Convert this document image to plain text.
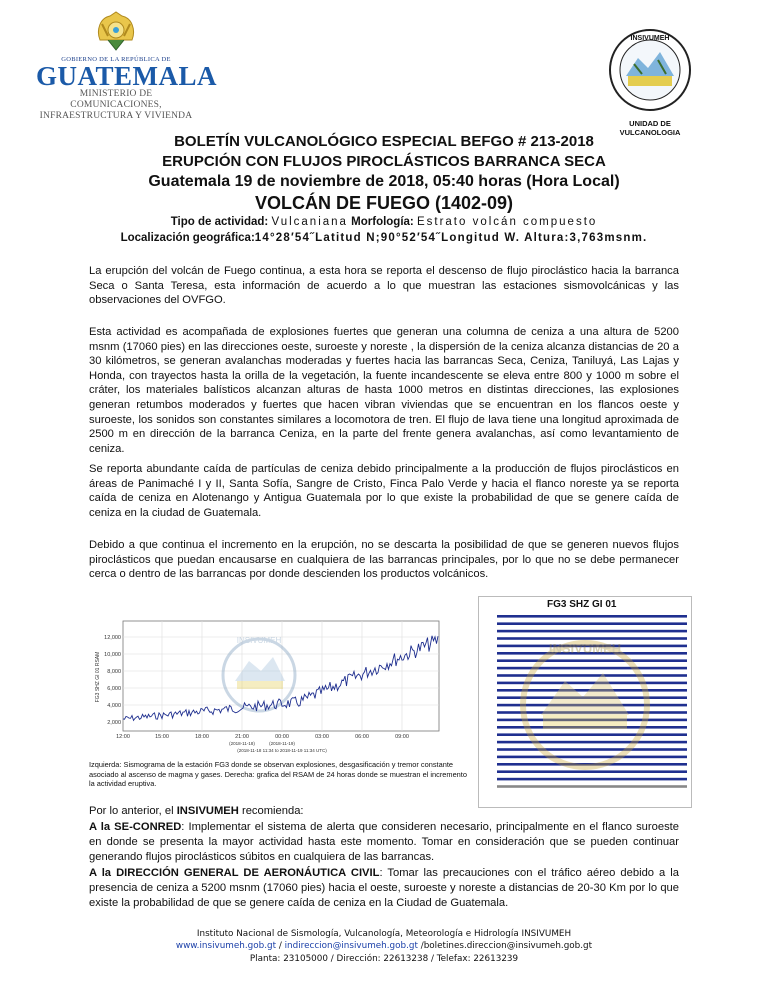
GOBIERNO DE LA REPÚBLICA DE
GUATEMALA
MINISTERIO DE COMUNICACIONES,
INFRAESTRUCTURA Y VIVIENDA
INSIVUMEH
UNIDAD DE VULCANOLOGIA
BOLETÍN VULCANOLÓGICO ESPECIAL BEFGO # 213-2018
ERUPCIÓN CON FLUJOS PIROCLÁSTICOS BARRANCA SECA
Guatemala 19 de noviembre de 2018, 05:40 horas (Hora Local)
VOLCÁN DE FUEGO (1402-09)
Tipo de actividad: Vulcaniana Morfología: Estrato volcán compuesto
Localización geográfica:14°28′54˝Latitud N;90°52′54˝Longitud W. Altura:3,763msnm.
La erupción del volcán de Fuego continua, a esta hora se reporta el descenso de flujo piroclástico hacia la barranca Seca o Santa Teresa, esta información de acuerdo a lo que muestran las estaciones sismovolcánicas y las observaciones del OVFGO.
Esta actividad es acompañada de explosiones fuertes que generan una columna de ceniza a una altura de 5200 msnm (17060 pies) en las direcciones oeste, suroeste y noreste , la dispersión de la ceniza alcanza distancias de 20 a 30 kilómetros, se generan avalanchas moderadas y fuertes hacia las barrancas Seca, Ceniza, Taniluyá, Las Lajas y Honda, con trayectos hasta la orilla de la vegetación, la fuente incandescente se eleva entre 800 y 1000 m sobre el cráter, los materiales balísticos alcanzan alturas de hasta 1000 metros en distintas direcciones, las explosiones generan retumbos moderados y fuertes que hacen vibran viviendas que se encuentran en los flancos oeste y suroeste, los sonidos son constantes similares a locomotora de tren. El flujo de lava tiene una longitud aproximada de 2500 m en dirección de la barranca Ceniza, en la parte del frente genera avalanchas, así como levantamiento de ceniza.
Se reporta abundante caída de partículas de ceniza debido principalmente a la producción de flujos piroclásticos en áreas de Panimaché I y II, Santa Sofía, Sangre de Cristo, Finca Palo Verde y hacia el flanco noreste ya se reporta caída de ceniza en Alotenango y Antigua Guatemala por lo que existe la probabilidad de que se genere caída de ceniza en la ciudad de Guatemala.
Debido a que continua el incremento en la erupción, no se descarta la posibilidad de que se generen nuevos flujos piroclásticos que puedan encausarse en cualquiera de las barrancas principales, por lo que no se debe permanecer cerca o dentro de las barrancas por donde descienden los productos volcánicos.
INSIVUMEH
12,000
10,000
8,000
6,000
4,000
2,000
12:00	15:00	18:00	21:00	00:00	03:00	06:00	09:00
FG3 SHZ GI 01 RSAM
(2018-11-18)	(2018-11-19)
(2018-11-18 11:34 to 2018-11-19 11:34 UTC)
FG3 SHZ GI 01
INSIVUMEH
Izquierda: Sismograma de la estación FG3 donde se observan explosiones, desgasificación y tremor constante asociado al ascenso de magma y gases. Derecha: grafica del RSAM de 24 horas donde se muestran el incremento la actividad eruptiva.
Por lo anterior, el INSIVUMEH recomienda:
A la SE-CONRED: Implementar el sistema de alerta que consideren necesario, principalmente en el flanco suroeste en donde se presenta la mayor actividad hasta este momento. Tomar en consideración que se pueden continuar generando flujos piroclásticos súbitos en cualquiera de las barrancas.
A la DIRECCIÓN GENERAL DE AERONÁUTICA CIVIL: Tomar las precauciones con el tráfico aéreo debido a la presencia de ceniza a 5200 msnm (17060 pies) hacia el oeste, suroeste y noreste a distancias de 20-30 Km por lo que existe la probabilidad de que se genere caída de ceniza en la Ciudad de Guatemala.
Instituto Nacional de Sismología, Vulcanología, Meteorología e Hidrología INSIVUMEH
www.insivumeh.gob.gt / indireccion@insivumeh.gob.gt /boletines.direccion@insivumeh.gob.gt
Planta: 23105000 / Dirección: 22613238 / Telefax: 22613239
